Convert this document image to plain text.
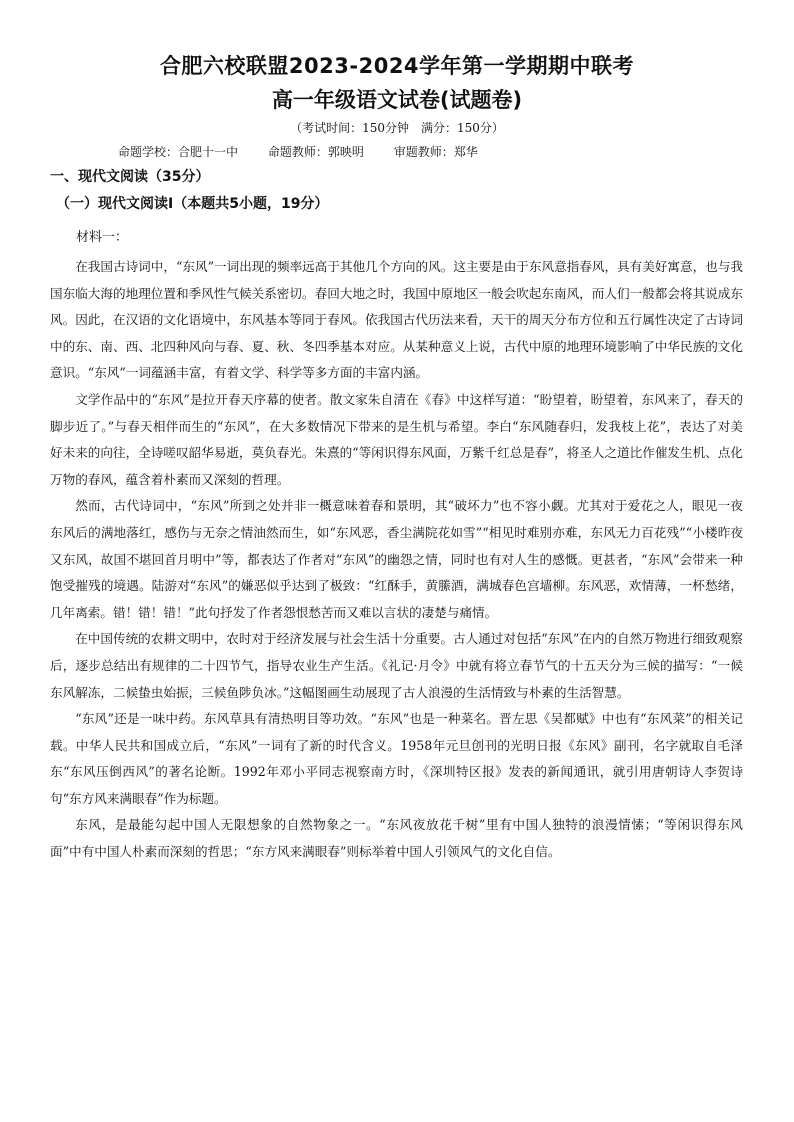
合肥六校联盟2023-2024学年第一学期期中联考
高一年级语文试卷(试题卷)
（考试时间：150分钟　满分：150分）
命题学校：合肥十一中 命题教师：郭映明 审题教师：郑华
一、现代文阅读（35分）
（一）现代文阅读Ⅰ（本题共5小题，19分）
材料一：

在我国古诗词中，“东风”一词出现的频率远高于其他几个方向的风。这主要是由于东风意指春风，具有美好寓意，也与我国东临大海的地理位置和季风性气候关系密切。春回大地之时，我国中原地区一般会吹起东南风，而人们一般都会将其说成东风。因此，在汉语的文化语境中，东风基本等同于春风。依我国古代历法来看，天干的周天分布方位和五行属性决定了古诗词中的东、南、西、北四种风向与春、夏、秋、冬四季基本对应。从某种意义上说，古代中原的地理环境影响了中华民族的文化意识。“东风”一词蕴涵丰富，有着文学、科学等多方面的丰富内涵。

文学作品中的“东风”是拉开春天序幕的使者。散文家朱自清在《春》中这样写道：“盼望着，盼望着，东风来了，春天的脚步近了。”与春天相伴而生的“东风”，在大多数情况下带来的是生机与希望。李白“东风随春归，发我枝上花”，表达了对美好未来的向往，全诗嗟叹韶华易逝，莫负春光。朱熹的“等闲识得东风面，万紫千红总是春”，将圣人之道比作催发生机、点化万物的春风，蕴含着朴素而又深刻的哲理。

然而，古代诗词中，“东风”所到之处并非一概意味着春和景明，其“破坏力”也不容小觑。尤其对于爱花之人，眼见一夜东风后的满地落红，感伤与无奈之情油然而生，如“东风恶，香尘满院花如雪”“相见时难别亦难，东风无力百花残”“小楼昨夜又东风，故国不堪回首月明中”等，都表达了作者对“东风”的幽怨之情，同时也有对人生的感慨。更甚者，“东风”会带来一种饱受摧残的境遇。陆游对“东风”的嫌恶似乎达到了极致：“红酥手，黄縢酒，满城春色宫墙柳。东风恶，欢情薄，一杯愁绪，几年离索。错！错！错！”此句抒发了作者怨恨愁苦而又难以言状的凄楚与痛情。

在中国传统的农耕文明中，农时对于经济发展与社会生活十分重要。古人通过对包括“东风”在内的自然万物进行细致观察后，逐步总结出有规律的二十四节气，指导农业生产生活。《礼记·月令》中就有将立春节气的十五天分为三候的描写：“一候东风解冻，二候蛰虫始振，三候鱼陟负冰。”这幅图画生动展现了古人浪漫的生活情致与朴素的生活智慧。

“东风”还是一味中药。东风草具有清热明目等功效。“东风”也是一种菜名。晋左思《吴都赋》中也有“东风菜”的相关记载。中华人民共和国成立后，“东风”一词有了新的时代含义。1958年元旦创刊的光明日报《东风》副刊，名字就取自毛泽东“东风压倒西风”的著名论断。1992年邓小平同志视察南方时，《深圳特区报》发表的新闻通讯，就引用唐朝诗人李贺诗句“东方风来满眼春”作为标题。

东风，是最能勾起中国人无限想象的自然物象之一。“东风夜放花千树”里有中国人独特的浪漫情愫；“等闲识得东风面”中有中国人朴素而深刻的哲思；“东方风来满眼春”则标举着中国人引领风气的文化自信。
